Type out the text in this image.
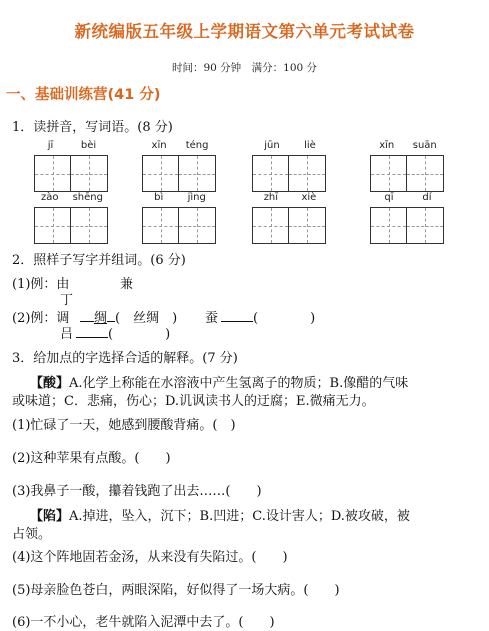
新统编版五年级上学期语文第六单元考试试卷
时间：90 分钟　满分：100 分
一、基础训练营(41 分)
1．读拼音，写词语。(8 分)
jī	bèi	xīn téng	jūn liè	xīn suān
zào shēng	bì jìng	zhī xiè	qī	dí
2．照样子写字并组词。(6 分)
(1)例：由	兼
丁
(2)例：调	绸 (　丝绸　) 蚕	(　　　　)
吕	(　　　　)
3．给加点的字选择合适的解释。(7 分)
【酸】A.化学上称能在水溶液中产生氢离子的物质；B.像醋的气味
或味道；C．悲痛，伤心；D.讥讽读书人的迂腐；E.微痛无力。
(1)忙碌了一天，她感到腰酸背痛。(　)
(2)这种苹果有点酸。(　　)
(3)我鼻子一酸，攥着钱跑了出去……(　　)
【陷】A.掉进，坠入，沉下；B.凹进；C.设计害人；D.被攻破，被
占领。
(4)这个阵地固若金汤，从来没有失陷过。(　　)
(5)母亲脸色苍白，两眼深陷，好似得了一场大病。(　　)
(6)一不小心，老牛就陷入泥潭中去了。(　　)
